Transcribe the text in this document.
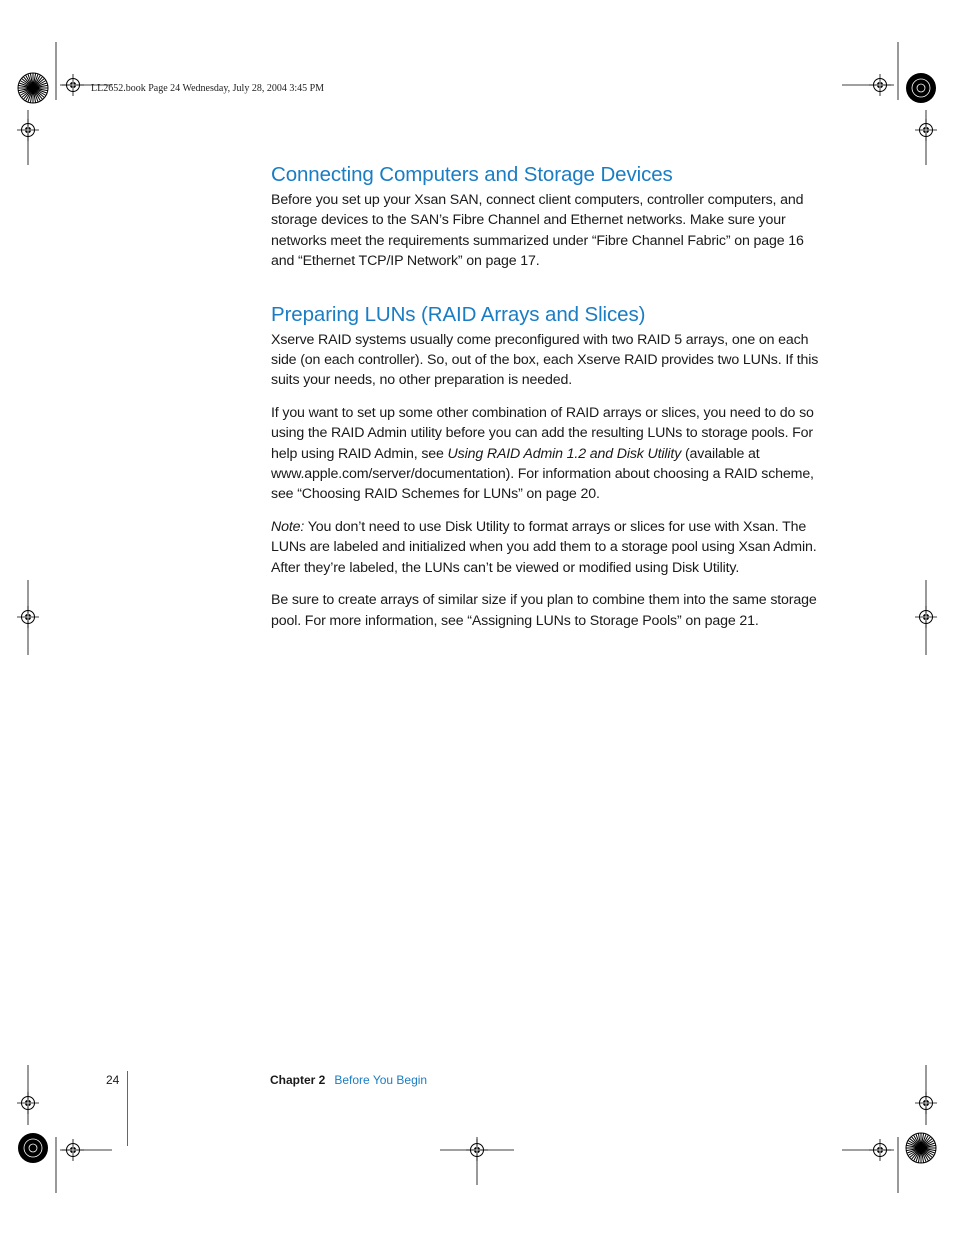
LL2652.book Page 24 Wednesday, July 28, 2004 3:45 PM
Connecting Computers and Storage Devices

Before you set up your Xsan SAN, connect client computers, controller computers, and storage devices to the SAN’s Fibre Channel and Ethernet networks. Make sure your networks meet the requirements summarized under “Fibre Channel Fabric” on page 16 and “Ethernet TCP/IP Network” on page 17.

Preparing LUNs (RAID Arrays and Slices)

Xserve RAID systems usually come preconfigured with two RAID 5 arrays, one on each side (on each controller). So, out of the box, each Xserve RAID provides two LUNs. If this suits your needs, no other preparation is needed.

If you want to set up some other combination of RAID arrays or slices, you need to do so using the RAID Admin utility before you can add the resulting LUNs to storage pools. For help using RAID Admin, see Using RAID Admin 1.2 and Disk Utility (available at www.apple.com/server/documentation). For information about choosing a RAID scheme, see “Choosing RAID Schemes for LUNs” on page 20.

Note: You don’t need to use Disk Utility to format arrays or slices for use with Xsan. The LUNs are labeled and initialized when you add them to a storage pool using Xsan Admin. After they’re labeled, the LUNs can’t be viewed or modified using Disk Utility.

Be sure to create arrays of similar size if you plan to combine them into the same storage pool. For more information, see “Assigning LUNs to Storage Pools” on page 21.

24	Chapter 2 Before You Begin
